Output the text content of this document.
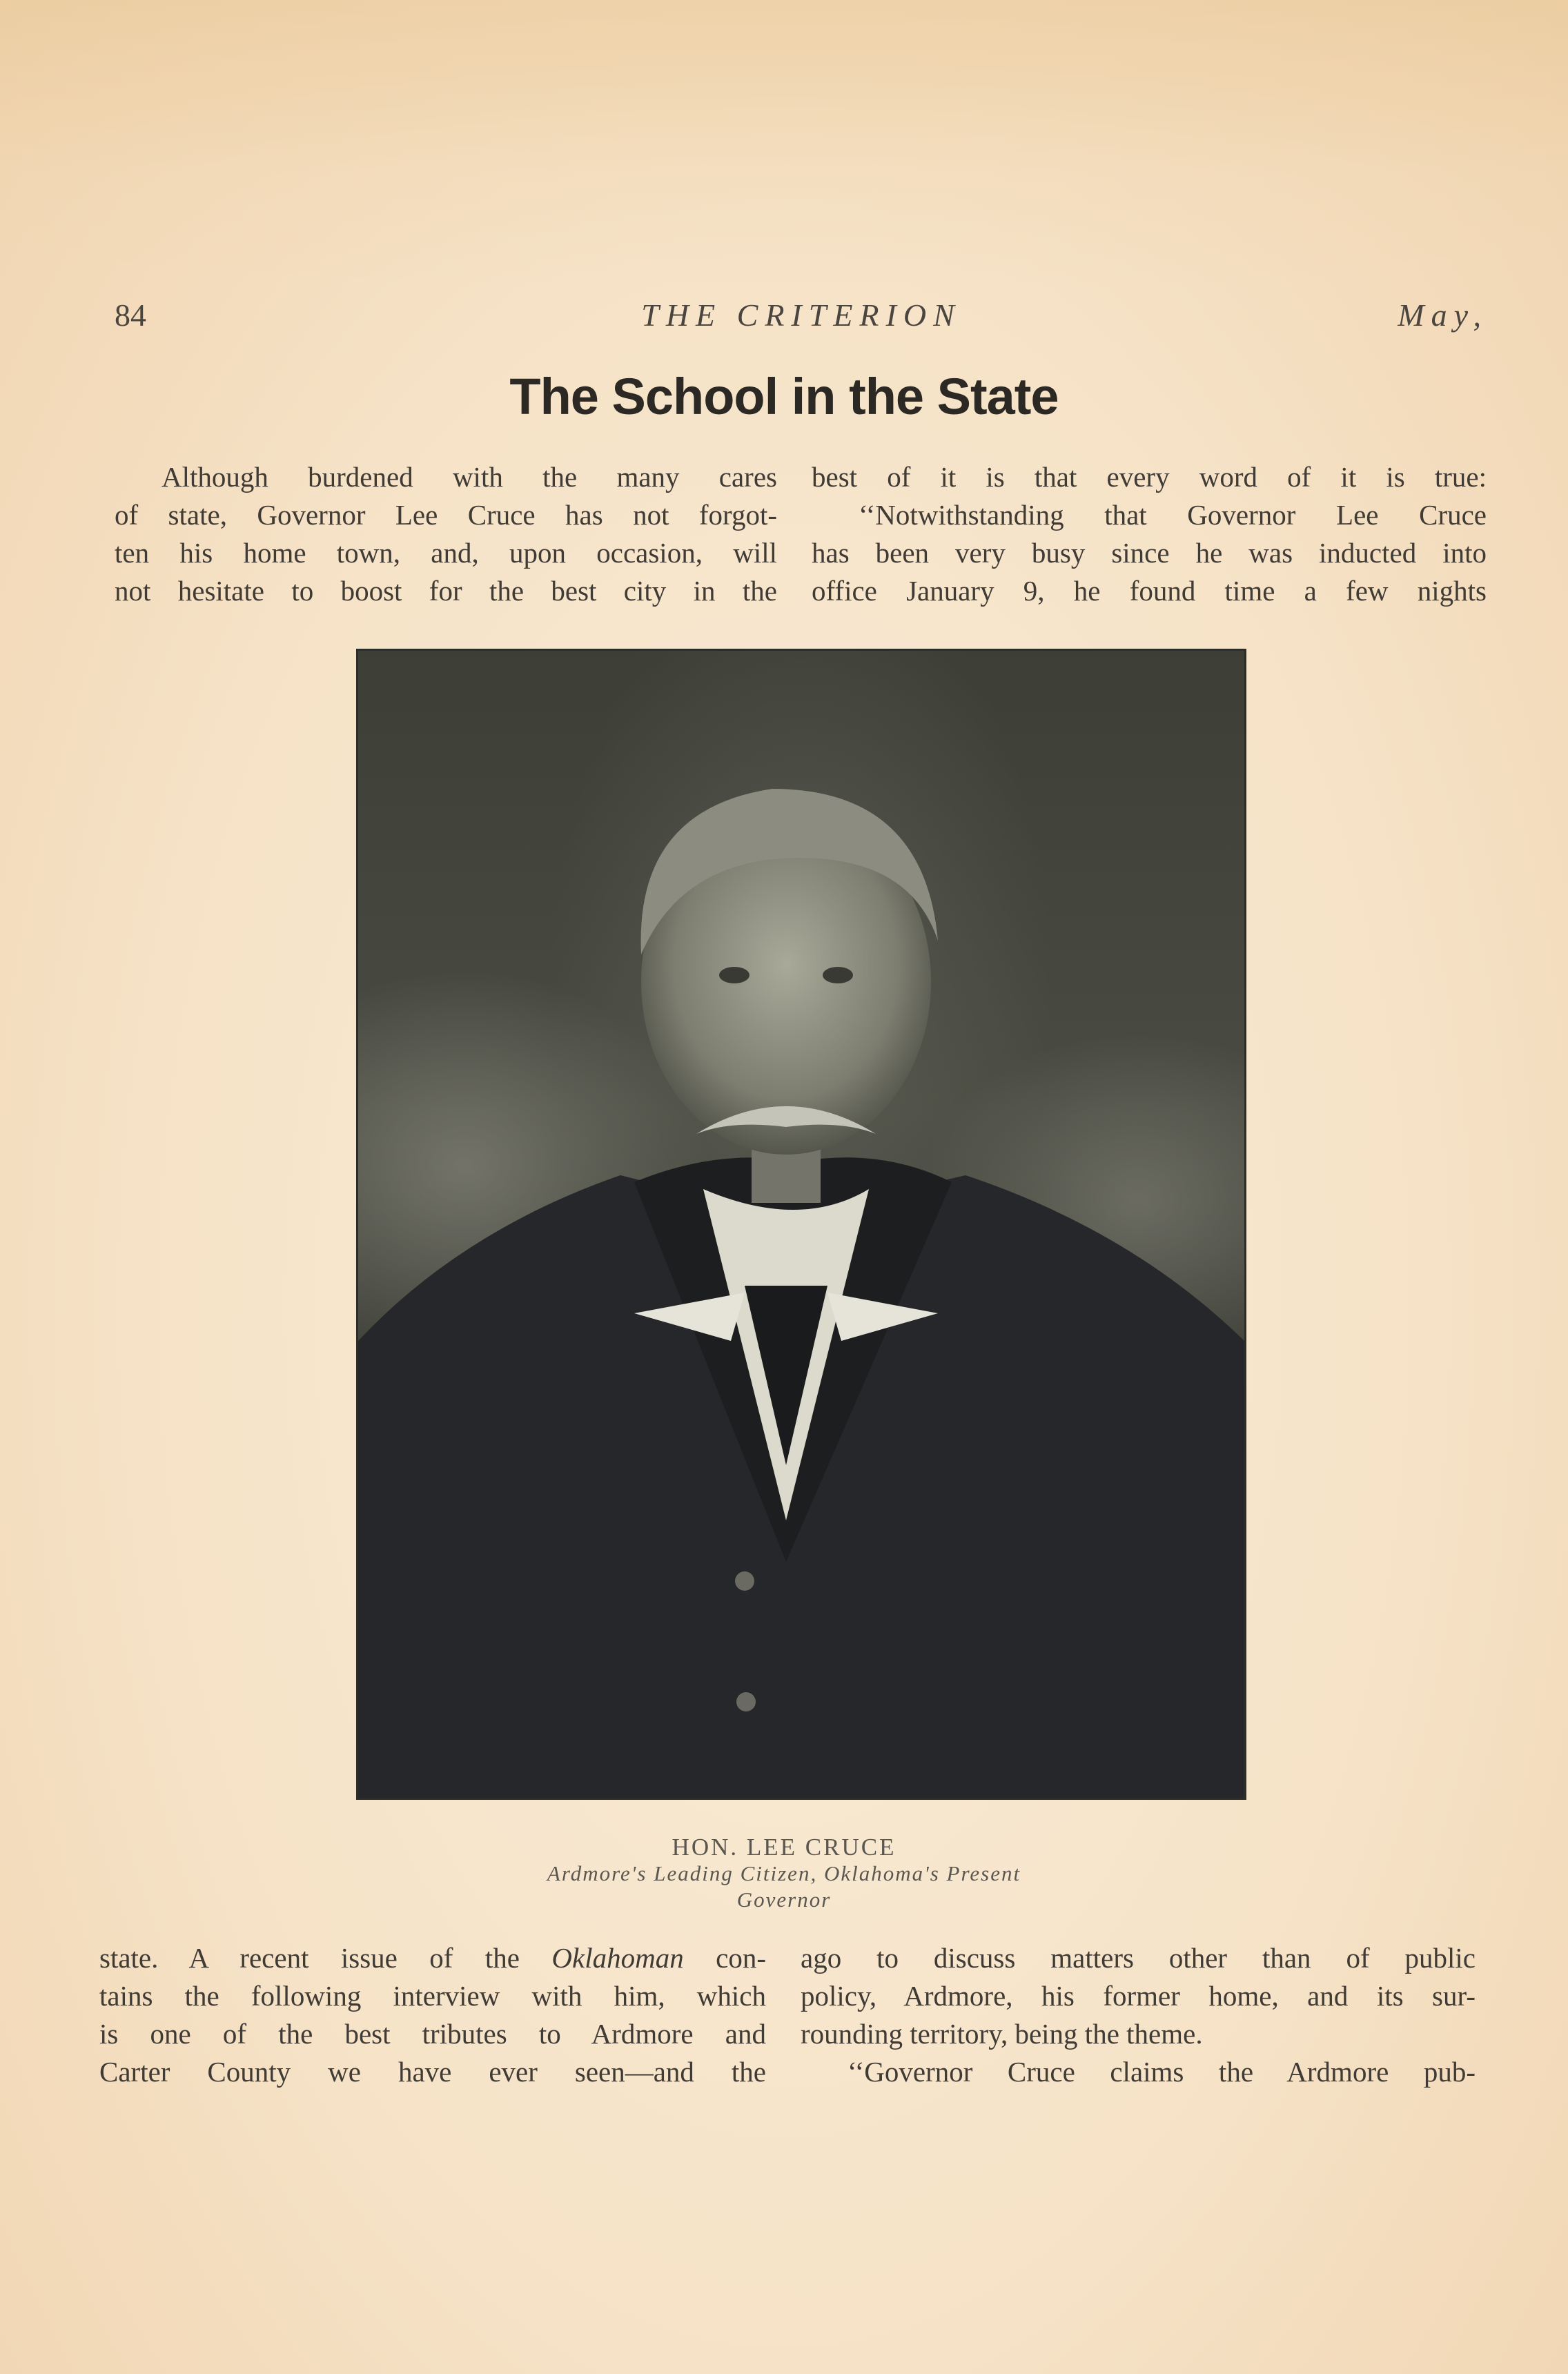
84	THE CRITERION	May,
The School in the State

Although burdened with the many cares

of state, Governor Lee Cruce has not forgot-

ten his home town, and, upon occasion, will

not hesitate to boost for the best city in the

best of it is that every word of it is true:

‘‘Notwithstanding that Governor Lee Cruce

has been very busy since he was inducted into

office January 9, he found time a few nights

HON. LEE CRUCE
Ardmore's Leading Citizen, Oklahoma's Present
Governor

state. A recent issue of the Oklahoman con-

tains the following interview with him, which

is one of the best tributes to Ardmore and

Carter County we have ever seen—and the

ago to discuss matters other than of public

policy, Ardmore, his former home, and its sur-

rounding territory, being the theme.

‘‘Governor Cruce claims the Ardmore pub-
